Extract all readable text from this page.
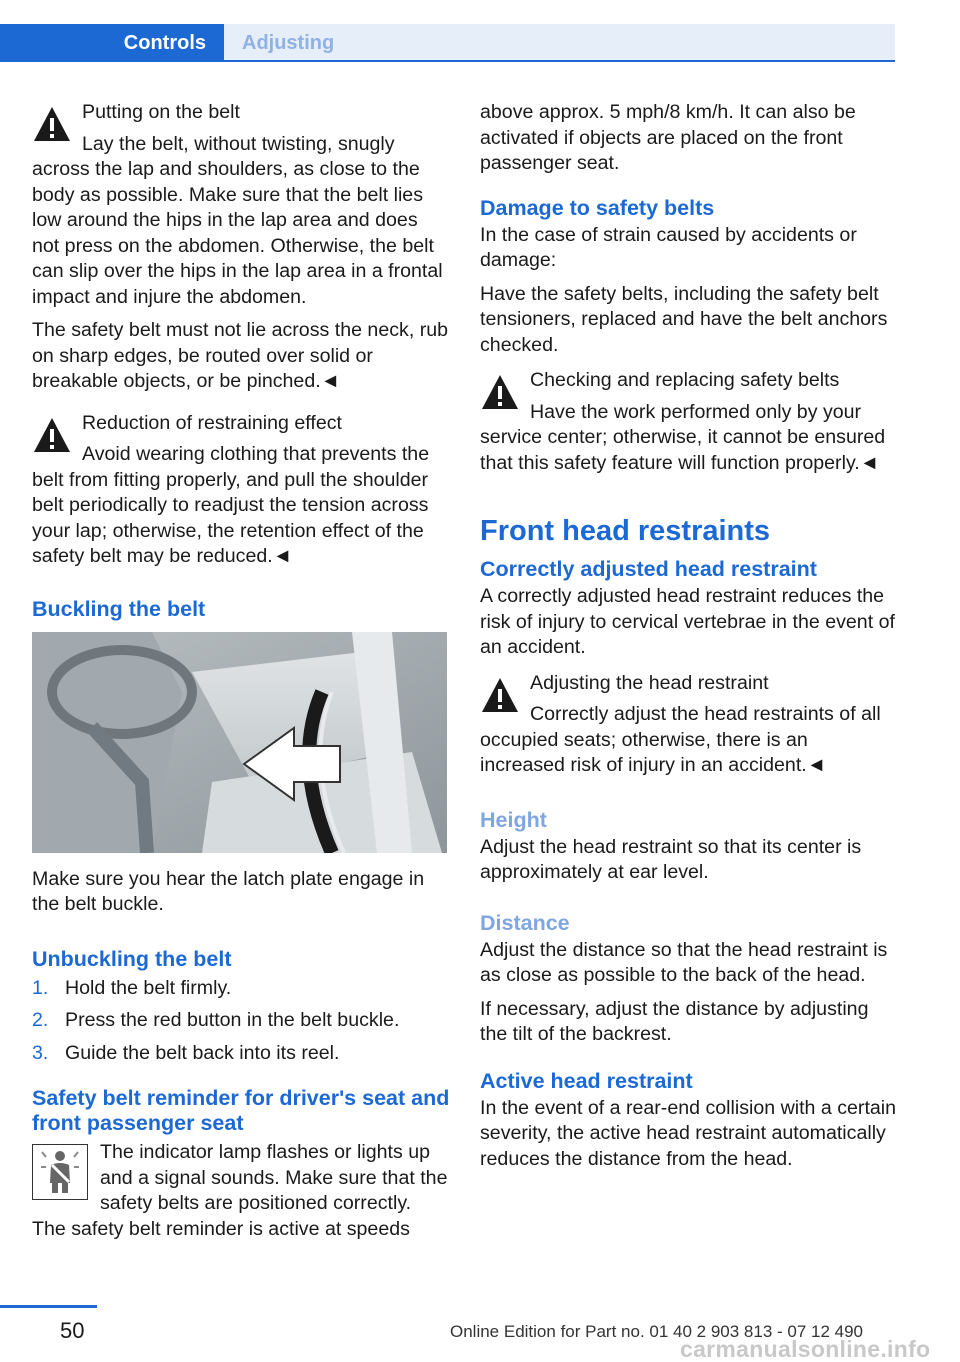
Controls	Adjusting
Putting on the belt

Lay the belt, without twisting, snugly across the lap and shoulders, as close to the body as possible. Make sure that the belt lies low around the hips in the lap area and does not press on the abdomen. Otherwise, the belt can slip over the hips in the lap area in a frontal impact and injure the abdomen.

The safety belt must not lie across the neck, rub on sharp edges, be routed over solid or breakable objects, or be pinched.◄

Reduction of restraining effect

Avoid wearing clothing that prevents the belt from fitting properly, and pull the shoulder belt periodically to readjust the tension across your lap; otherwise, the retention effect of the safety belt may be reduced.◄

Buckling the belt

Make sure you hear the latch plate engage in the belt buckle.

Unbuckling the belt
1. Hold the belt firmly.
2. Press the red button in the belt buckle.
3. Guide the belt back into its reel.
Safety belt reminder for driver's seat and front passenger seat
The indicator lamp flashes or lights up and a signal sounds. Make sure that the safety belts are positioned correctly.

The safety belt reminder is active at speeds

above approx. 5 mph/8 km/h. It can also be activated if objects are placed on the front passenger seat.

Damage to safety belts

In the case of strain caused by accidents or damage:

Have the safety belts, including the safety belt tensioners, replaced and have the belt anchors checked.

Checking and replacing safety belts

Have the work performed only by your service center; otherwise, it cannot be ensured that this safety feature will function properly.◄

Front head restraints
Correctly adjusted head restraint

A correctly adjusted head restraint reduces the risk of injury to cervical vertebrae in the event of an accident.

Adjusting the head restraint

Correctly adjust the head restraints of all occupied seats; otherwise, there is an increased risk of injury in an accident.◄

Height

Adjust the head restraint so that its center is approximately at ear level.

Distance

Adjust the distance so that the head restraint is as close as possible to the back of the head.

If necessary, adjust the distance by adjusting the tilt of the backrest.

Active head restraint

In the event of a rear-end collision with a certain severity, the active head restraint automatically reduces the distance from the head.

50	Online Edition for Part no. 01 40 2 903 813 - 07 12 490
carmanualsonline.info
